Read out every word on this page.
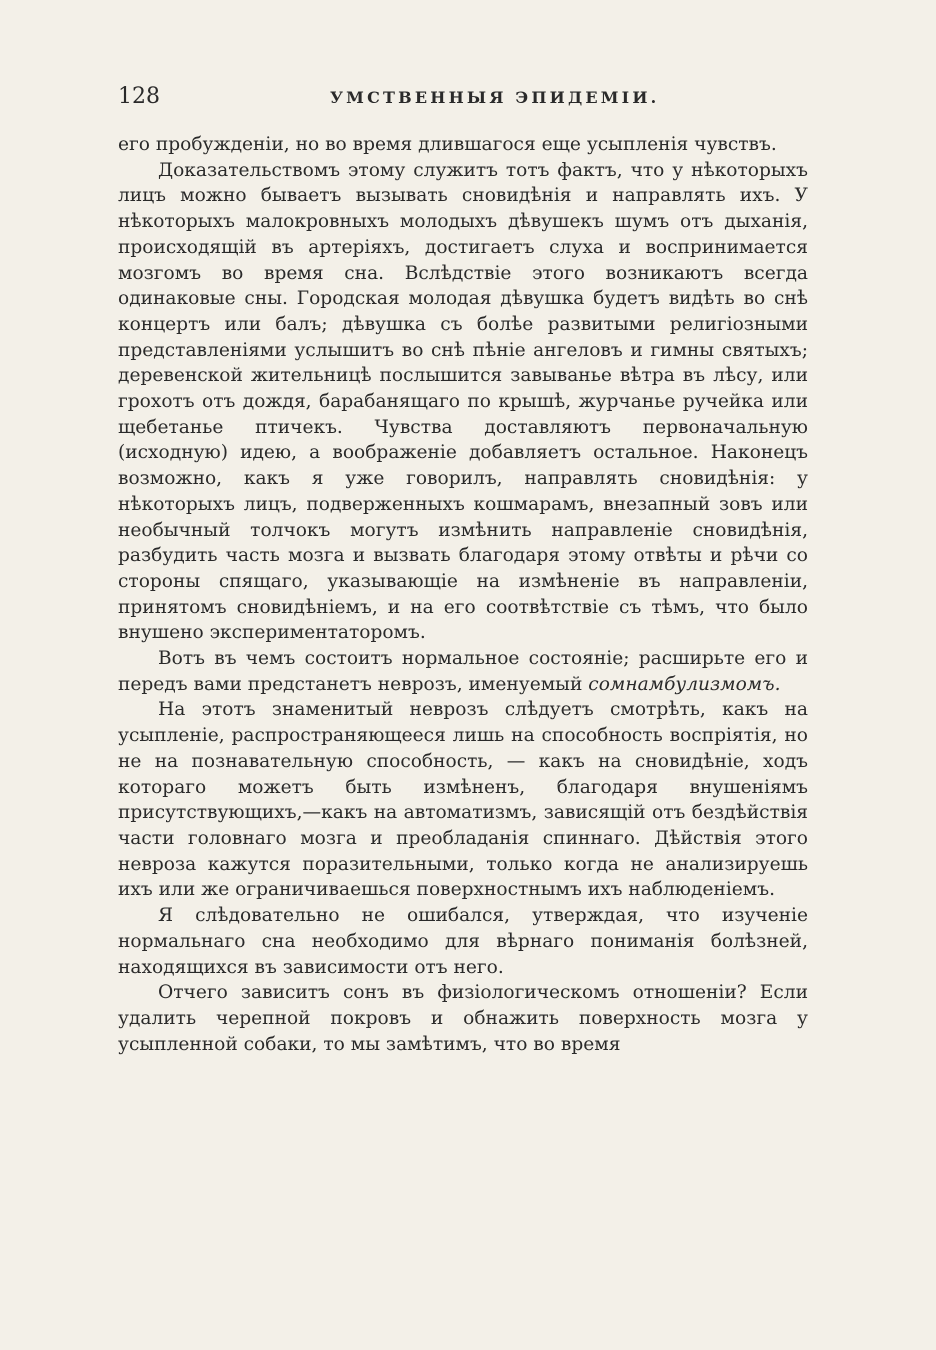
128	УМСТВЕННЫЯ ЭПИДЕМІИ.

его пробужденіи, но во время длившагося еще усыпленія чувствъ.

Доказательствомъ этому служитъ тотъ фактъ, что у нѣкоторыхъ лицъ можно бываетъ вызывать сновидѣнія и направлять ихъ. У нѣкоторыхъ малокровныхъ молодыхъ дѣвушекъ шумъ отъ дыханія, происходящій въ артеріяхъ, достигаетъ слуха и воспринимается мозгомъ во время сна. Вслѣдствіе этого возникаютъ всегда одинаковые сны. Городская молодая дѣвушка будетъ видѣть во снѣ концертъ или балъ; дѣвушка съ болѣе развитыми религіозными представленіями услышитъ во снѣ пѣніе ангеловъ и гимны святыхъ; деревенской жительницѣ послышится завыванье вѣтра въ лѣсу, или грохотъ отъ дождя, барабанящаго по крышѣ, журчанье ручейка или щебетанье птичекъ. Чувства доставляютъ первоначальную (исходную) идею, а воображеніе добавляетъ остальное. Наконецъ возможно, какъ я уже говорилъ, направлять сновидѣнія: у нѣкоторыхъ лицъ, подверженныхъ кошмарамъ, внезапный зовъ или необычный толчокъ могутъ измѣнить направленіе сновидѣнія, разбудить часть мозга и вызвать благодаря этому отвѣты и рѣчи со стороны спящаго, указывающіе на измѣненіе въ направленіи, принятомъ сновидѣніемъ, и на его соотвѣтствіе съ тѣмъ, что было внушено экспериментаторомъ.

Вотъ въ чемъ состоитъ нормальное состояніе; расширьте его и передъ вами предстанетъ неврозъ, именуемый сомнамбулизмомъ.

На этотъ знаменитый неврозъ слѣдуетъ смотрѣть, какъ на усыпленіе, распространяющееся лишь на способность воспріятія, но не на познавательную способность, — какъ на сновидѣніе, ходъ котораго можетъ быть измѣненъ, благодаря внушеніямъ присутствующихъ,—какъ на автоматизмъ, зависящій отъ бездѣйствія части головнаго мозга и преобладанія спиннаго. Дѣйствія этого невроза кажутся поразительными, только когда не анализируешь ихъ или же ограничиваешься поверхностнымъ ихъ наблюденіемъ.

Я слѣдовательно не ошибался, утверждая, что изученіе нормальнаго сна необходимо для вѣрнаго пониманія болѣзней, находящихся въ зависимости отъ него.

Отчего зависитъ сонъ въ физіологическомъ отношеніи? Если удалить черепной покровъ и обнажить поверхность мозга у усыпленной собаки, то мы замѣтимъ, что во время
